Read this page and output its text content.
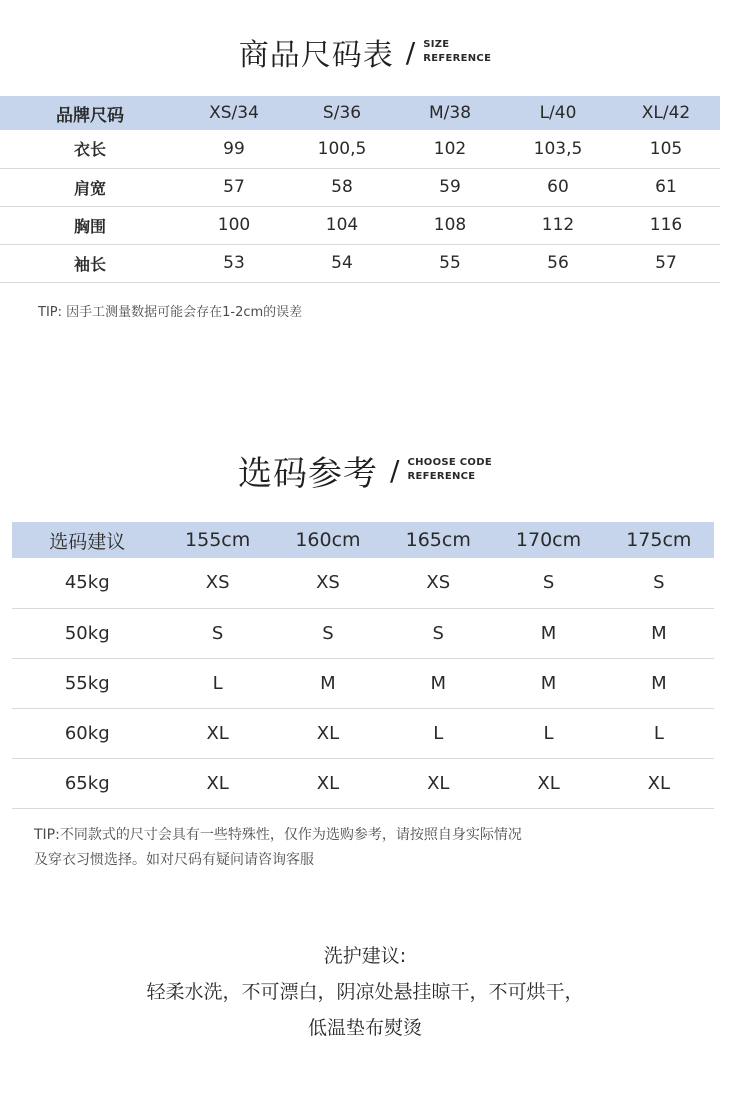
商品尺码表 / SIZE
REFERENCE
品牌尺码	XS/34	S/36	M/38	L/40	XL/42
衣长	99	100,5	102	103,5	105
肩宽	57	58	59	60	61
胸围	100	104	108	112	116
袖长	53	54	55	56	57
TIP: 因手工测量数据可能会存在1-2cm的误差
选码参考 / CHOOSE CODE
REFERENCE
选码建议	155cm	160cm	165cm	170cm	175cm
45kg	XS	XS	XS	S	S
50kg	S	S	S	M	M
55kg	L	M	M	M	M
60kg	XL	XL	L	L	L
65kg	XL	XL	XL	XL	XL
TIP:不同款式的尺寸会具有一些特殊性，仅作为选购参考，请按照自身实际情况
及穿衣习惯选择。如对尺码有疑问请咨询客服
洗护建议:
轻柔水洗，不可漂白，阴凉处悬挂晾干，不可烘干，
低温垫布熨烫
